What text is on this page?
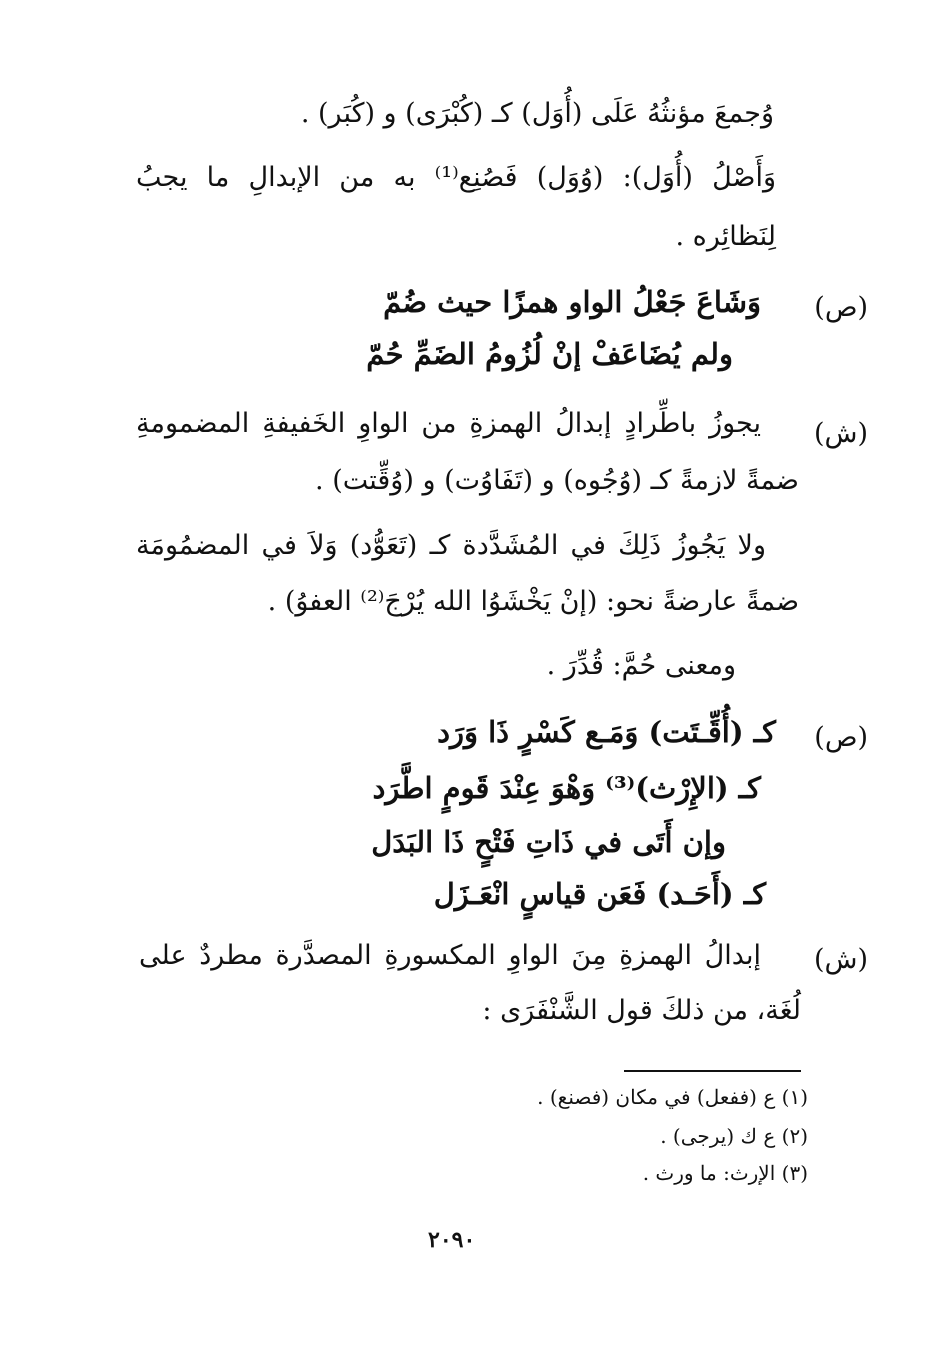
وُجمعَ مؤنثُهُ عَلَى (أُوَل) كـ (كُبْرَى) و (كُبَر) .
وَأَصْلُ (أُوَل): (وُوَل) فَصُنِع⁽¹⁾ به من الإبدالِ ما يجبُ
لِنَظائِره .
(ص)
وَشَاعَ جَعْلُ الواو همزًا حيث ضُمّ
ولم يُضَاعَفْ إنْ لُزُومُ الضَمِّ حُمّ
(ش)
يجوزُ باطِّرادٍ إبدالُ الهمزةِ من الواوِ الخَفيفةِ المضمومةِ
ضمةً لازمةً كـ (وُجُوه) و (تَفَاوُت) و (وُقِّتت) .
ولا يَجُوزُ ذَلِكَ في المُشَدَّدة كـ (تَعَوُّد) وَلاَ في المضمُومَة
ضمةً عارضةً نحو: (إنْ يَخْشَوُا الله يُرْجَ⁽²⁾ العفوُ) .
ومعنى حُمَّ: قُدِّرَ .
(ص)
كـ (أُقِّـتَت) وَمَـع كَسْرٍ ذَا وَرَد
كـ (الإِرْث)⁽³⁾ وَهْوَ عِنْدَ قَومٍ اطَّرَد
وإن أَتَى في ذَاتِ فَتْحٍ ذَا البَدَل
كـ (أَحَـد) فَعَن قياسٍ انْعَـزَل
(ش)
إبدالُ الهمزةِ مِنَ الواوِ المكسورةِ المصدَّرة مطردٌ على
لُغَة، من ذلكَ قول الشَّنْفَرَى :
(١) ع (ففعل) في مكان (فصنع) .
(٢) ع ك (يرجى) .
(٣) الإرث: ما ورث .
٢٠٩٠
